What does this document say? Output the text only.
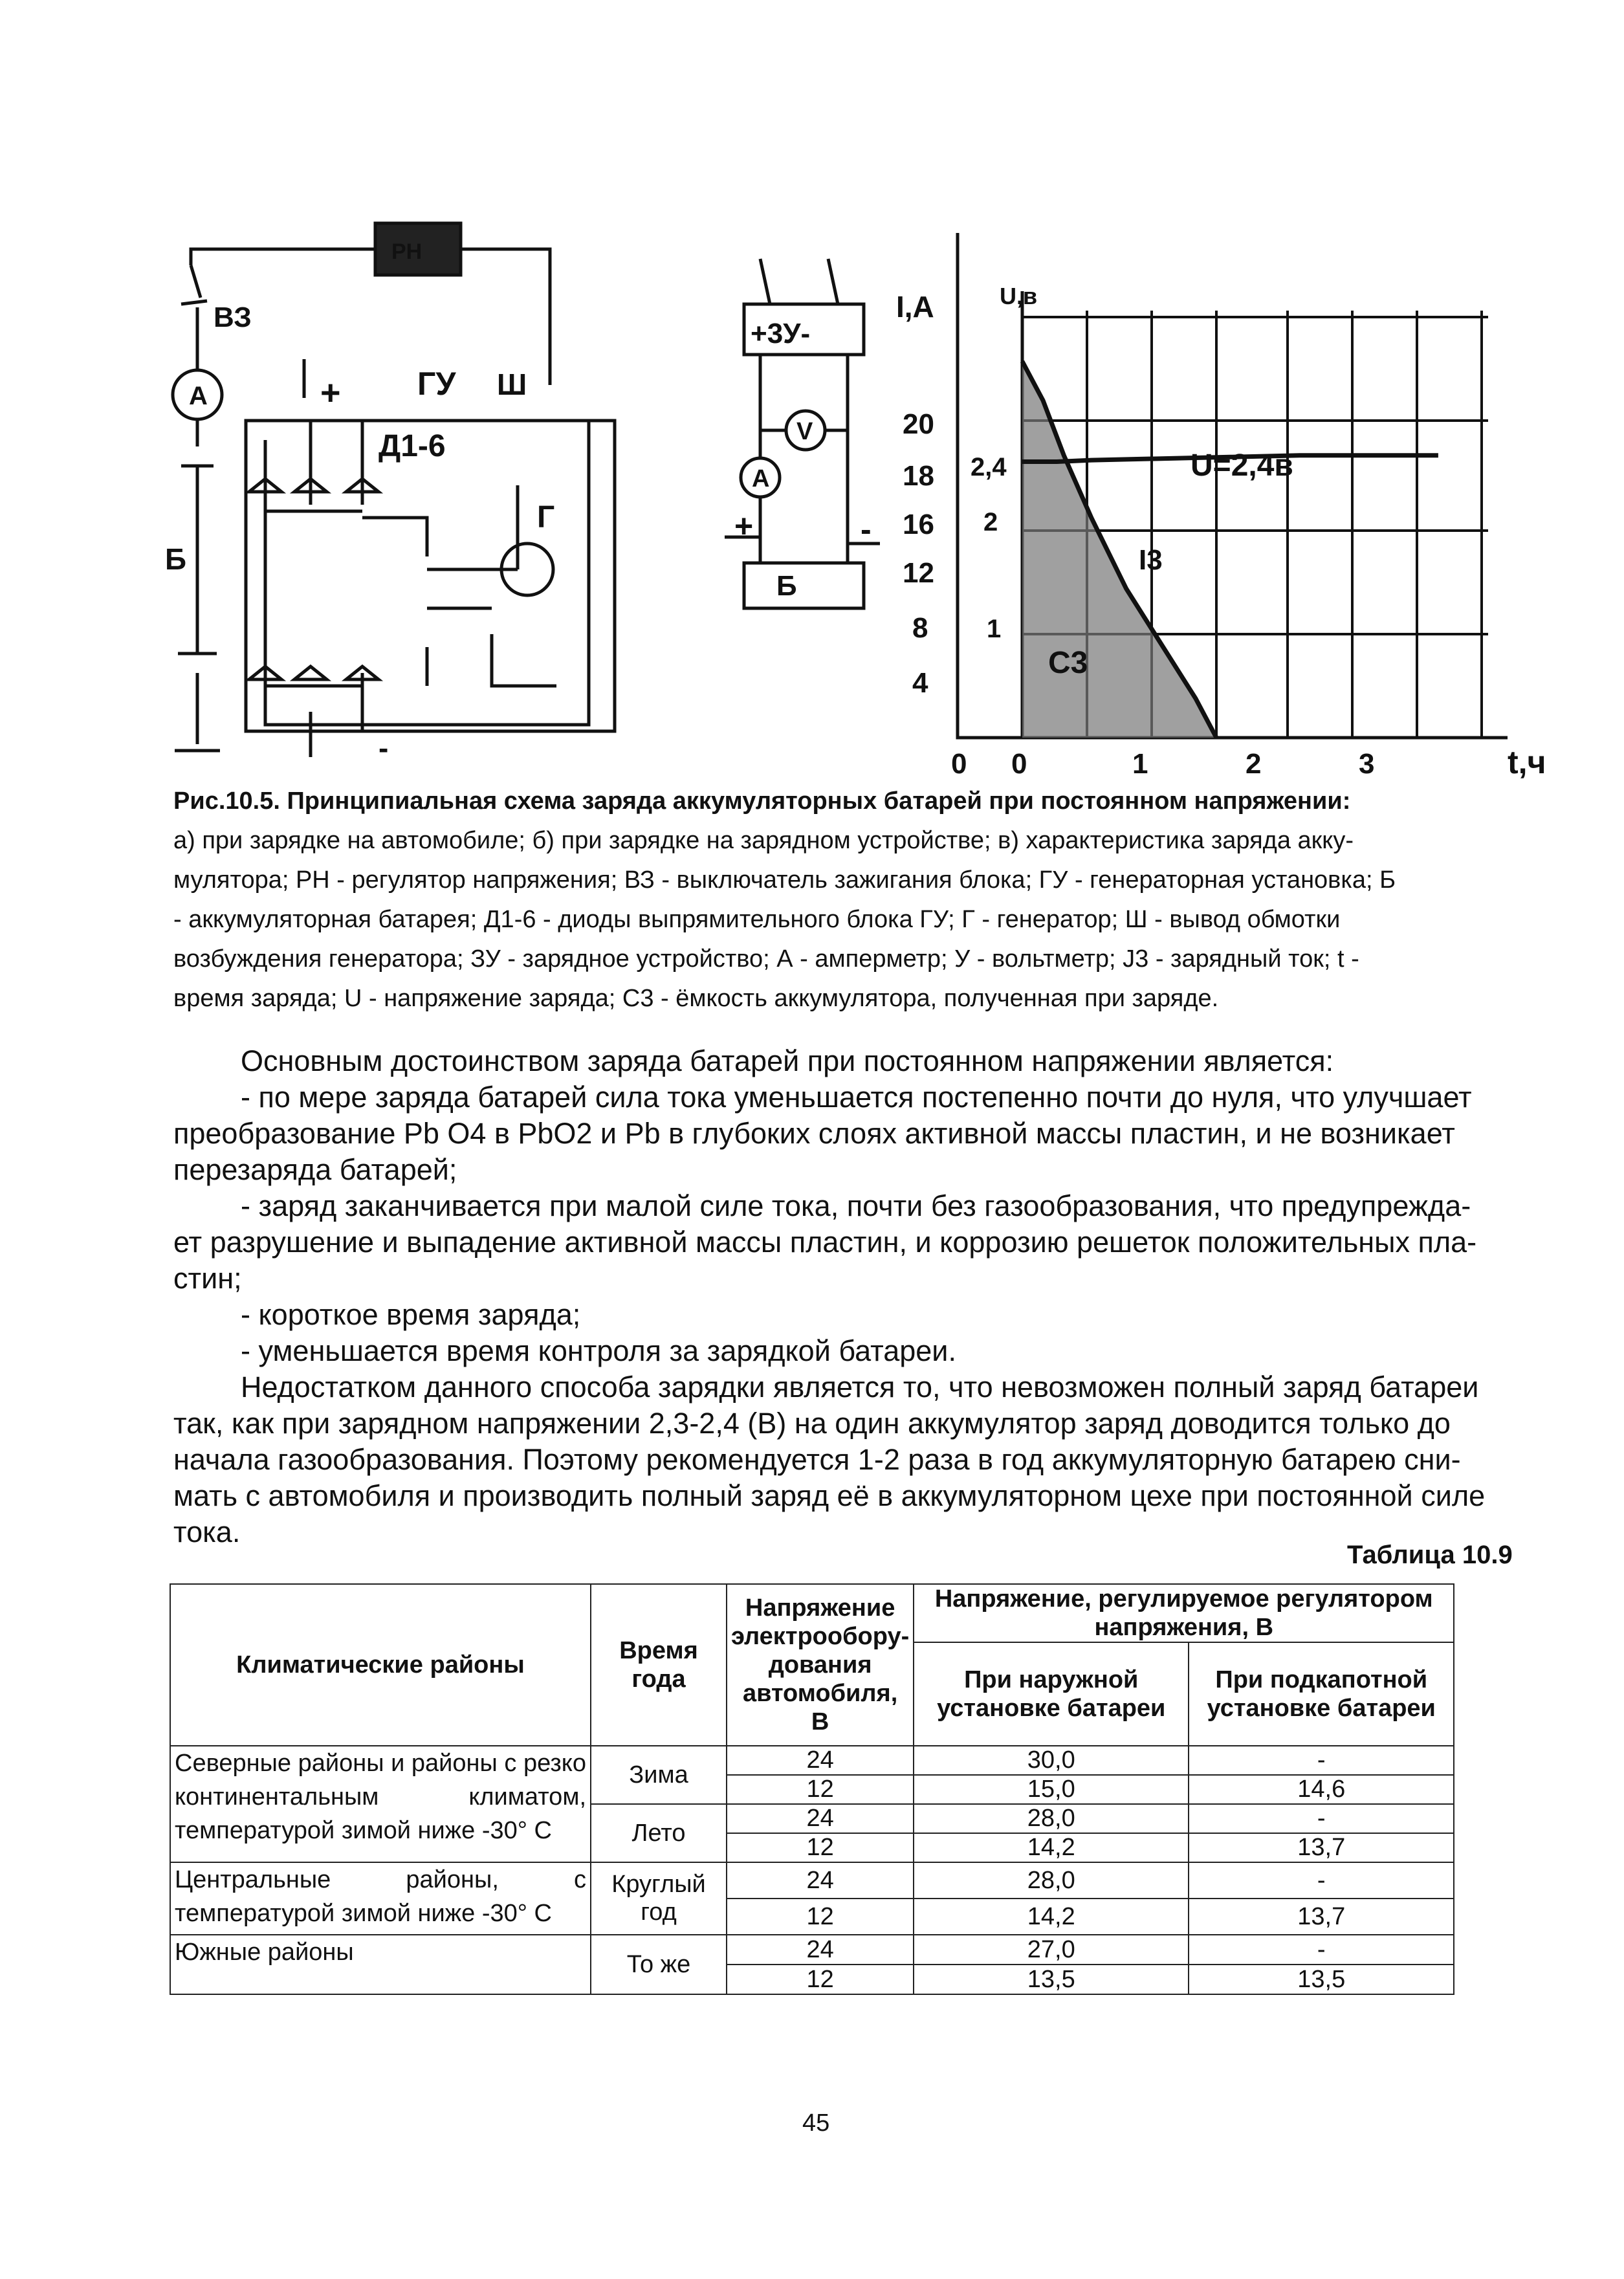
ВЗ
РН
A	+ ГУ Ш
Д1-6
Г
Б
-
+3У-
V
A
Б
+	-
I,A	U,в
t,ч
20
18
16
12
8
4
0
2,4
2
1
0	1	2	3
U=2,4в
I3
C3
Рис.10.5. Принципиальная схема заряда аккумуляторных батарей при постоянном напряжении:
а) при зарядке на автомобиле; б) при зарядке на зарядном устройстве; в) характеристика заряда акку-
мулятора; РН - регулятор напряжения; ВЗ - выключатель зажигания блока; ГУ - генераторная установка; Б
- аккумуляторная батарея; Д1-6 - диоды выпрямительного блока ГУ; Г - генератор; Ш - вывод обмотки
возбуждения генератора; ЗУ - зарядное устройство; А - амперметр; У - вольтметр; J3 - зарядный ток; t -
время заряда; U - напряжение заряда; С3 - ёмкость аккумулятора, полученная при заряде.

Основным достоинством заряда батарей при постоянном напряжении является:

- по мере заряда батарей сила тока уменьшается постепенно почти до нуля, что улучшает

преобразование Pb O4 в PbO2 и Pb в глубоких слоях активной массы пластин, и не возникает

перезаряда батарей;

- заряд заканчивается при малой силе тока, почти без газообразования, что предупрежда-

ет разрушение и выпадение активной массы пластин, и коррозию решеток положительных пла-

стин;

- короткое время заряда;

- уменьшается время контроля за зарядкой батареи.

Недостатком данного способа зарядки является то, что невозможен полный заряд батареи

так, как при зарядном напряжении 2,3-2,4 (В) на один аккумулятор заряд доводится только до

начала газообразования. Поэтому рекомендуется 1-2 раза в год аккумуляторную батарею сни-

мать с автомобиля и производить полный заряд её в аккумуляторном цехе при постоянной силе

тока.

Таблица 10.9
Климатические районы	Время года	Напряжение электрообору-дования автомобиля, В	Напряжение, регулируемое регулятором напряжения, В	
			При наружной установке батареи	При подкапотной установке батареи
Северные районы и районы с резко континентальным климатом, температурой зимой ниже -30° С	Зима	24	30,0	-
		12	15,0	14,6
	Лето	24	28,0	-
		12	14,2	13,7
Центральные районы, с температурой зимой ниже -30° С	Круглый год	24	28,0	-
		12	14,2	13,7
Южные районы	То же	24	27,0	-
		12	13,5	13,5
45
